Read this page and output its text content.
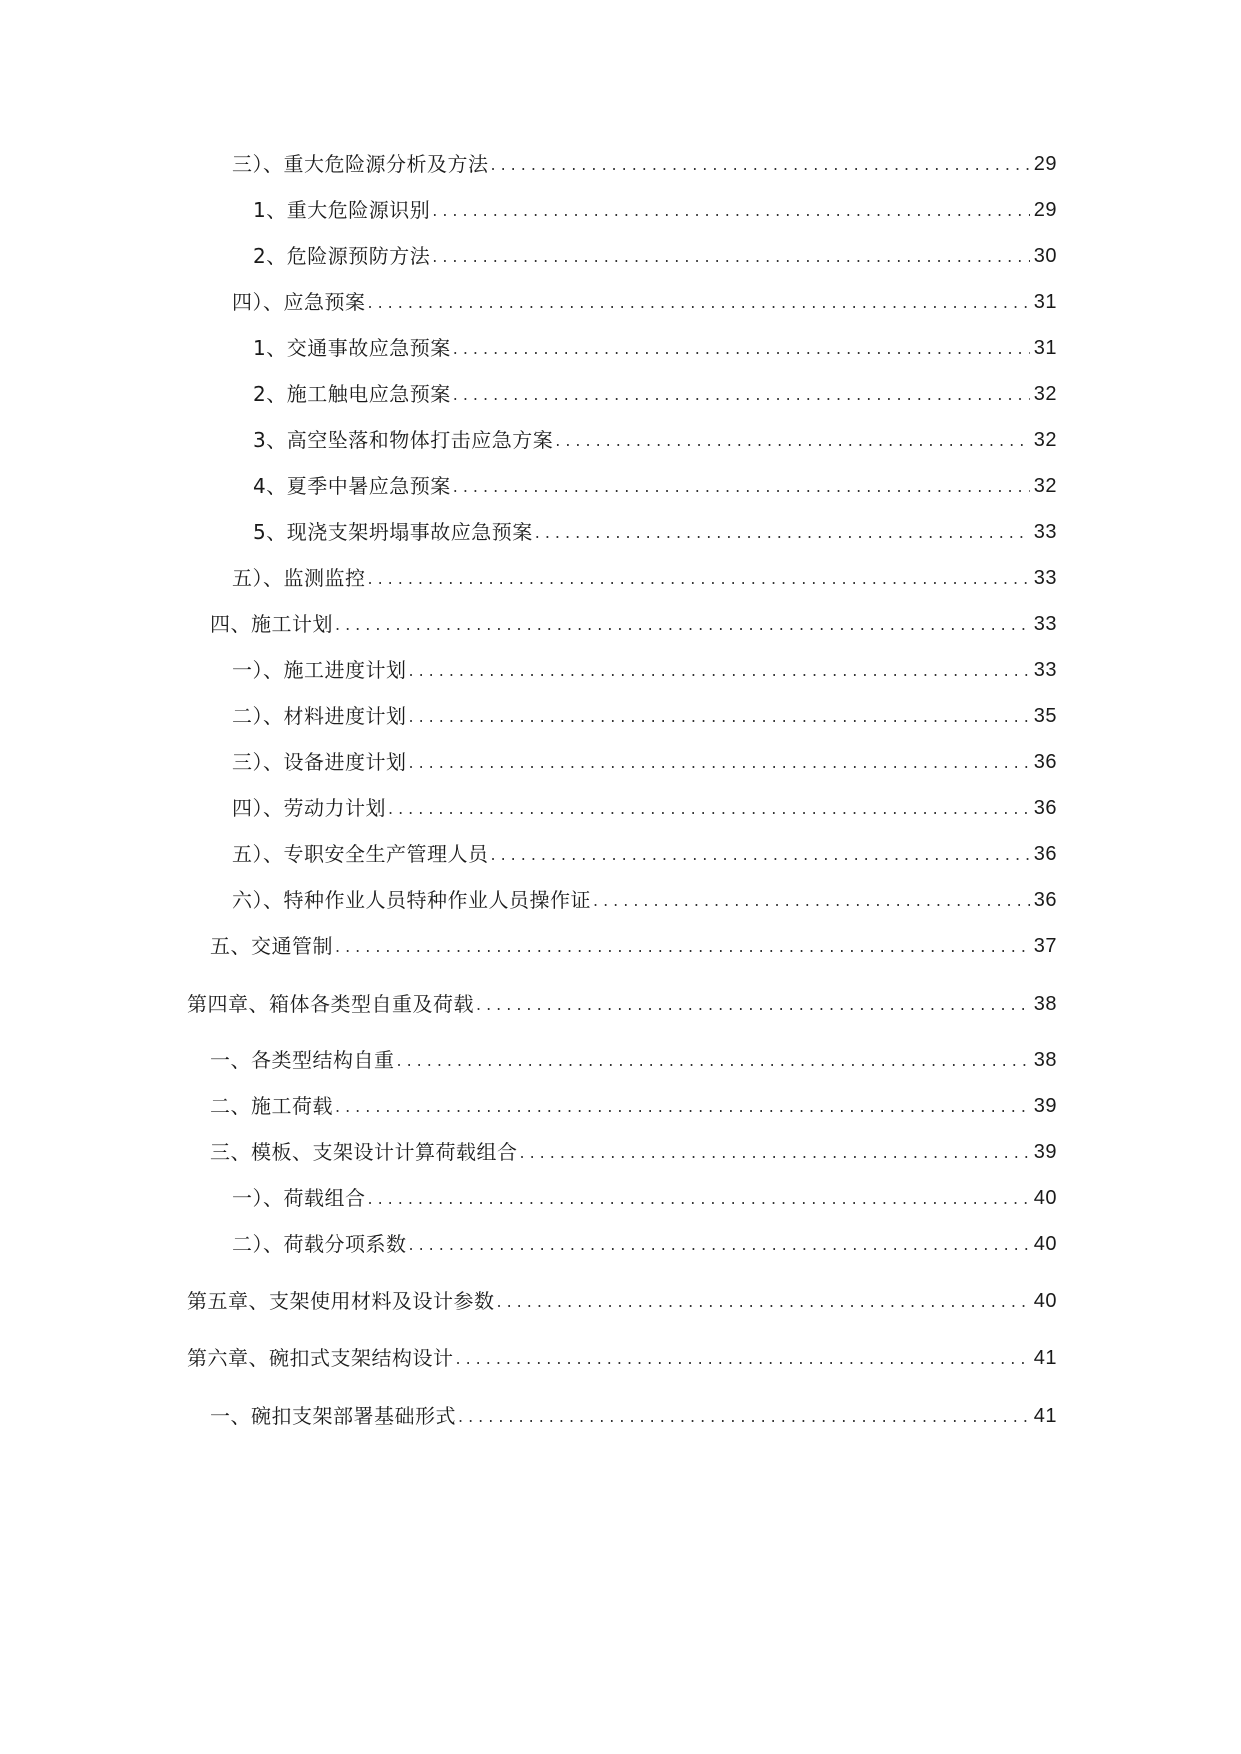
三）、重大危险源分析及方法 .....	29
1、重大危险源识别 .....	29
2、危险源预防方法 .....	30
四）、应急预案 .....	31
1、交通事故应急预案 .....	31
2、施工触电应急预案 .....	32
3、高空坠落和物体打击应急方案 .....	32
4、夏季中暑应急预案 .....	32
5、现浇支架坍塌事故应急预案 .....	33
五）、监测监控 .....	33
四、施工计划 .....	33
一）、施工进度计划 .....	33
二）、材料进度计划 .....	35
三）、设备进度计划 .....	36
四）、劳动力计划 .....	36
五）、专职安全生产管理人员 .....	36
六）、特种作业人员特种作业人员操作证 .....	36
五、交通管制 .....	37
第四章、箱体各类型自重及荷载 .....	38
一、各类型结构自重 .....	38
二、施工荷载 .....	39
三、模板、支架设计计算荷载组合 .....	39
一）、荷载组合 .....	40
二）、荷载分项系数 .....	40
第五章、支架使用材料及设计参数 .....	40
第六章、碗扣式支架结构设计 .....	41
一、碗扣支架部署基础形式 .....	41
